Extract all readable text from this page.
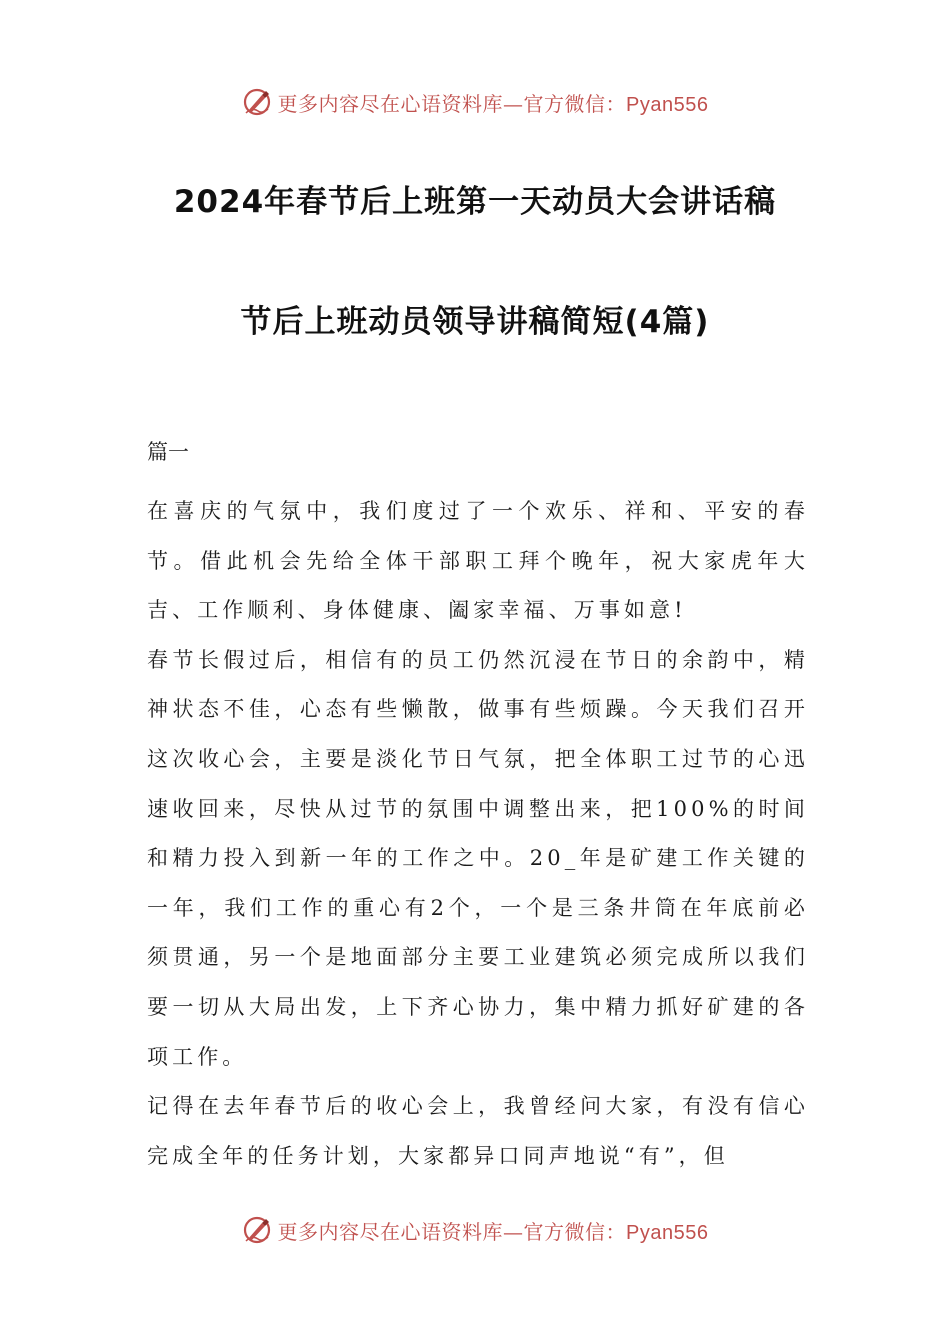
更多内容尽在心语资料库—官方微信：Pyan556
2024年春节后上班第一天动员大会讲话稿
节后上班动员领导讲稿简短(4篇)
篇一

在喜庆的气氛中，我们度过了一个欢乐、祥和、平安的春节。借此机会先给全体干部职工拜个晚年，祝大家虎年大吉、工作顺利、身体健康、阖家幸福、万事如意!

春节长假过后，相信有的员工仍然沉浸在节日的余韵中，精神状态不佳，心态有些懒散，做事有些烦躁。今天我们召开这次收心会，主要是淡化节日气氛，把全体职工过节的心迅速收回来，尽快从过节的氛围中调整出来，把100%的时间和精力投入到新一年的工作之中。20_年是矿建工作关键的一年，我们工作的重心有2个，一个是三条井筒在年底前必须贯通，另一个是地面部分主要工业建筑必须完成所以我们要一切从大局出发，上下齐心协力，集中精力抓好矿建的各项工作。

记得在去年春节后的收心会上，我曾经问大家，有没有信心完成全年的任务计划，大家都异口同声地说“有”，但

更多内容尽在心语资料库—官方微信：Pyan556
